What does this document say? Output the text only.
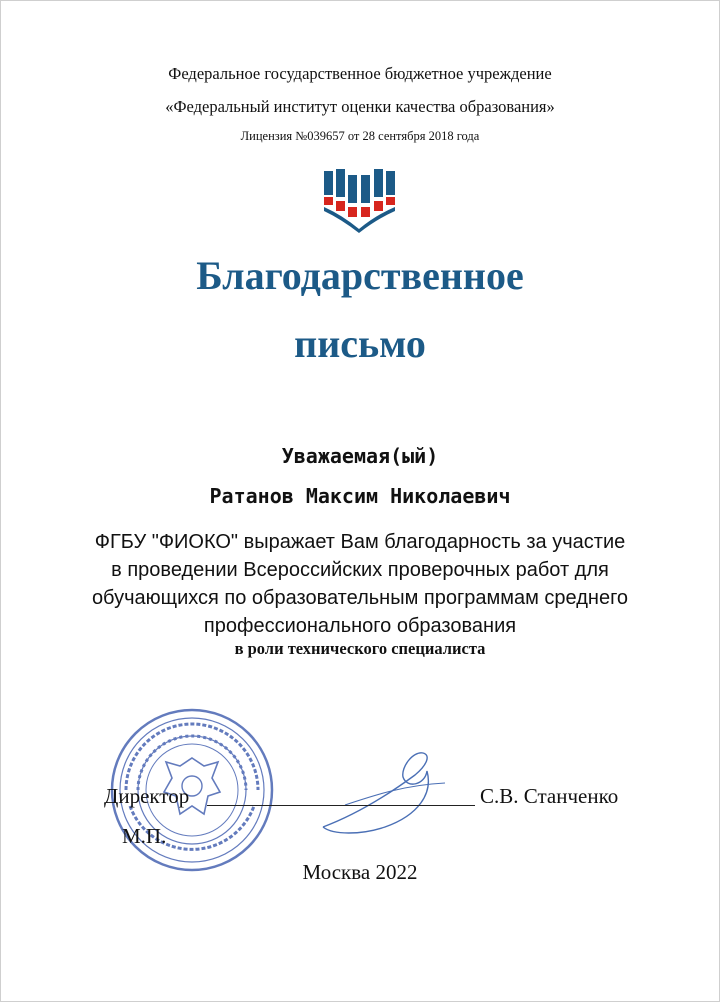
Федеральное государственное бюджетное учреждение
«Федеральный институт оценки качества образования»
Лицензия №039657 от 28 сентября 2018 года
Благодарственное
письмо
Уважаемая(ый)
Ратанов Максим Николаевич
ФГБУ "ФИОКО" выражает Вам благодарность за участие
в проведении Всероссийских проверочных работ для
обучающихся по образовательным программам среднего
профессионального образования
в роли технического специалиста
Директор	С.В. Станченко
М.П.
Москва 2022
